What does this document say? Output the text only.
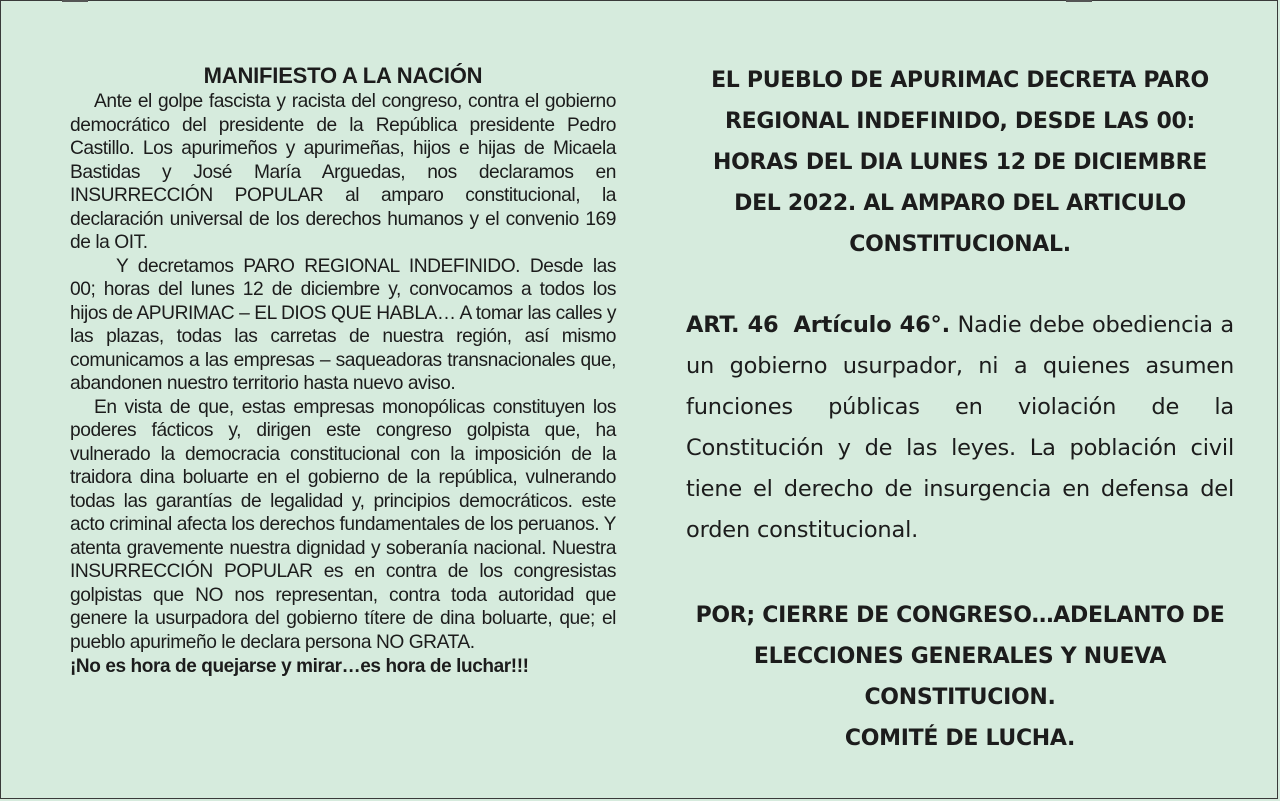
MANIFIESTO A LA NACIÓN

Ante el golpe fascista y racista del congreso, contra el gobierno democrático del presidente de la República presidente Pedro Castillo. Los apurimeños y apurimeñas, hijos e hijas de Micaela Bastidas y José María Arguedas, nos declaramos en INSURRECCIÓN POPULAR al amparo constitucional, la declaración universal de los derechos humanos y el convenio 169 de la OIT.

Y decretamos PARO REGIONAL INDEFINIDO. Desde las 00; horas del lunes 12 de diciembre y, convocamos a todos los hijos de APURIMAC – EL DIOS QUE HABLA… A tomar las calles y las plazas, todas las carretas de nuestra región, así mismo comunicamos a las empresas – saqueadoras transnacionales que, abandonen nuestro territorio hasta nuevo aviso.

En vista de que, estas empresas monopólicas constituyen los poderes fácticos y, dirigen este congreso golpista que, ha vulnerado la democracia constitucional con la imposición de la traidora dina boluarte en el gobierno de la república, vulnerando todas las garantías de legalidad y, principios democráticos. este acto criminal afecta los derechos fundamentales de los peruanos. Y atenta gravemente nuestra dignidad y soberanía nacional. Nuestra INSURRECCIÓN POPULAR es en contra de los congresistas golpistas que NO nos representan, contra toda autoridad que genere la usurpadora del gobierno títere de dina boluarte, que; el pueblo apurimeño le declara persona NO GRATA.

¡No es hora de quejarse y mirar…es hora de luchar!!!
EL PUEBLO DE APURIMAC DECRETA PARO
REGIONAL INDEFINIDO, DESDE LAS 00:
HORAS DEL DIA LUNES 12 DE DICIEMBRE
DEL 2022. AL AMPARO DEL ARTICULO
CONSTITUCIONAL.
ART. 46 Artículo 46°. Nadie debe obediencia a un gobierno usurpador, ni a quienes asumen funciones públicas en violación de la Constitución y de las leyes. La población civil tiene el derecho de insurgencia en defensa del orden constitucional.
POR; CIERRE DE CONGRESO…ADELANTO DE
ELECCIONES GENERALES Y NUEVA
CONSTITUCION.
COMITÉ DE LUCHA.
